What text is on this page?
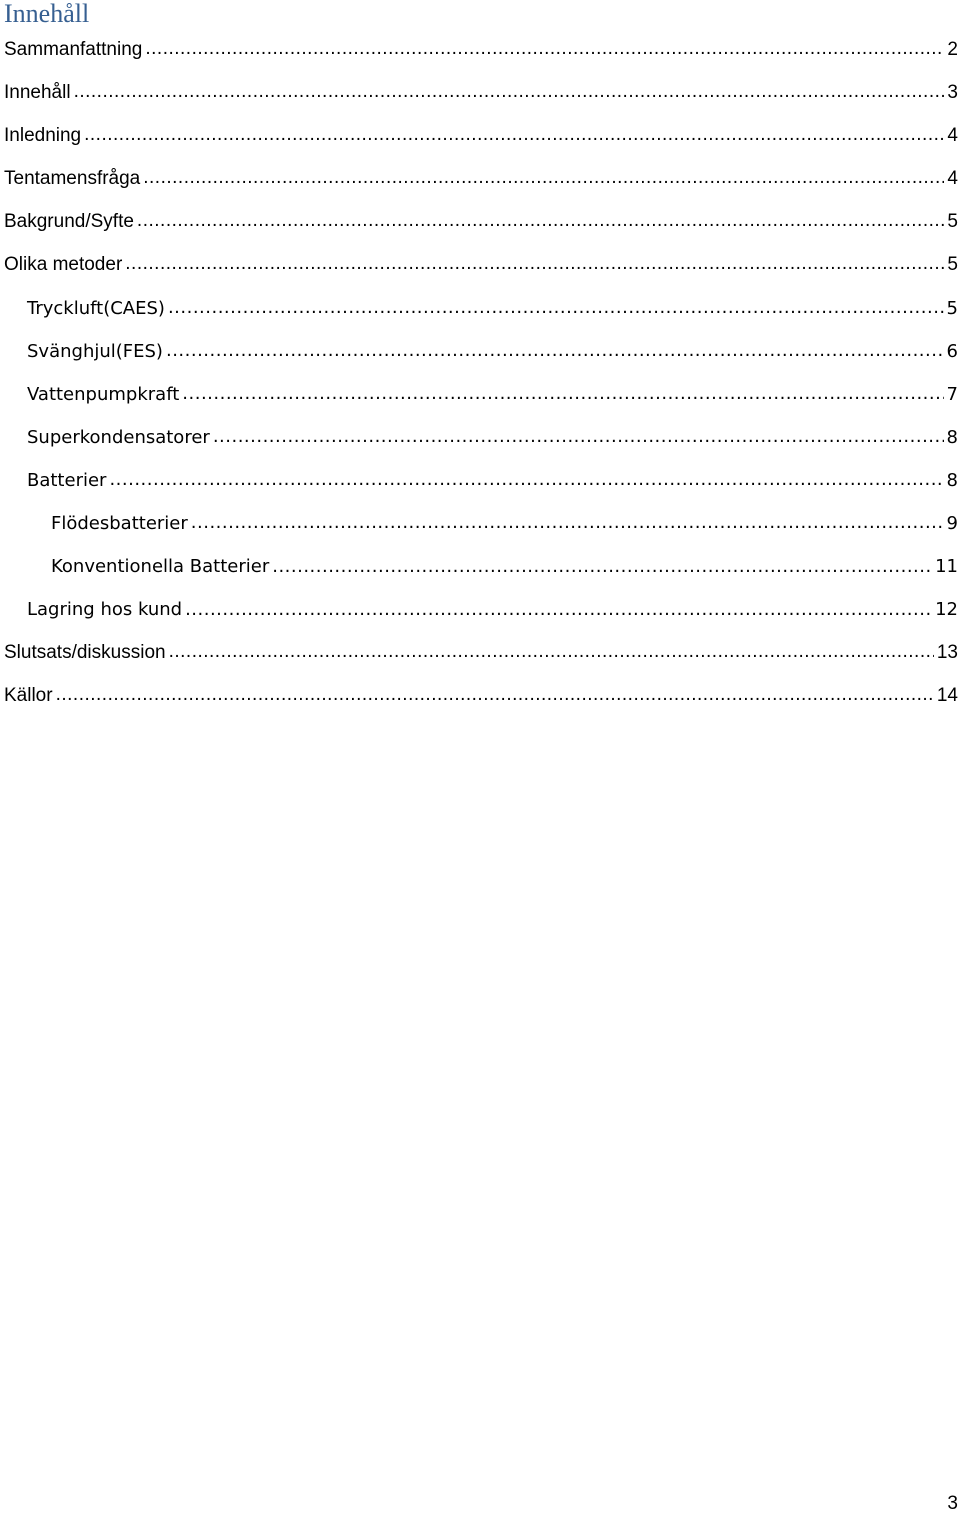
Innehåll
Sammanfattning .....	2
Innehåll .....	3
Inledning .....	4
Tentamensfråga .....	4
Bakgrund/Syfte .....	5
Olika metoder .....	5
Tryckluft(CAES) .....	5
Svänghjul(FES) .....	6
Vattenpumpkraft .....	7
Superkondensatorer .....	8
Batterier .....	8
Flödesbatterier .....	9
Konventionella Batterier .....	11
Lagring hos kund .....	12
Slutsats/diskussion .....	13
Källor .....	14
3
